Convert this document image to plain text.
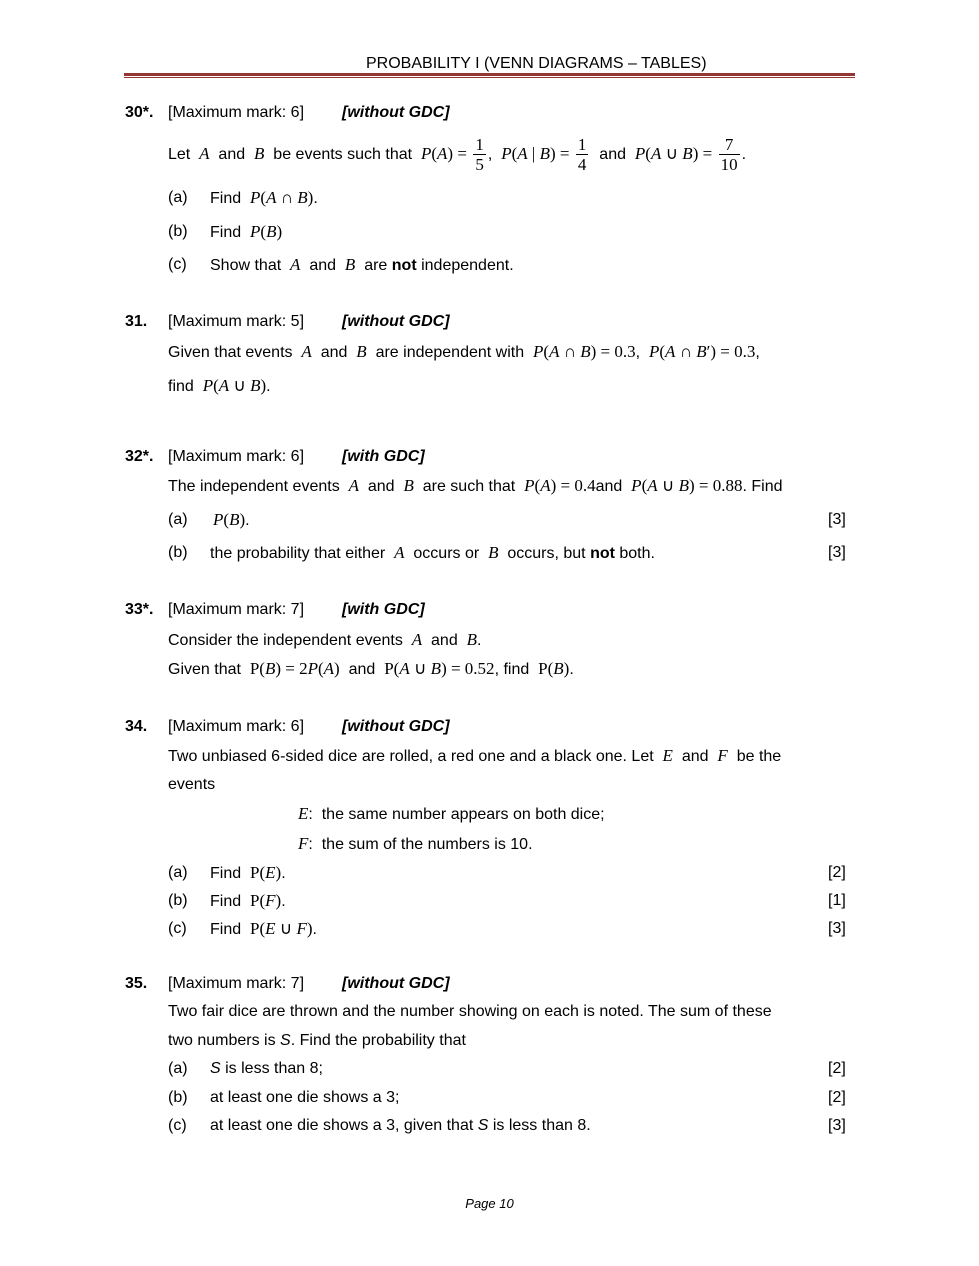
PROBABILITY I (VENN DIAGRAMS – TABLES)
30*. [Maximum mark: 6] [without GDC]
Let  A  and  B  be events such that  $P(A) = \frac{1}{5}$ ,  P(A | $B) = \frac{1}{4}$ and  P(A ∪ $B) = \frac{7}{10}$ .
(a) Find P(A ∩ B).
(b) Find P(B)
(c) Show that  A  and  B  are not independent.
31. [Maximum mark: 5] [without GDC]
Given that events  A  and  B  are independent with  P(A ∩ B) = 0.3,  P(A ∩ B′) = 0.3,
find  P(A ∪ B).
32*. [Maximum mark: 6] [with GDC]
The independent events  A  and  B  are such that  P(A) = 0.4and  P(A ∪ B) = 0.88. Find
(a) P(B).	[3]
(b) the probability that either  A  occurs or  B  occurs, but not both.	[3]
33*. [Maximum mark: 7] [with GDC]
Consider the independent events  A  and  B.
Given that  P(B) = 2P(A)  and  P(A ∪ B) = 0.52, find  P(B).
34. [Maximum mark: 6] [without GDC]
Two unbiased 6-sided dice are rolled, a red one and a black one. Let  E  and  F  be the
events
E:  the same number appears on both dice;
F:  the sum of the numbers is 10.
(a) Find P(E).	[2]
(b) Find P(F).	[1]
(c) Find P(E ∪ F).	[3]
35. [Maximum mark: 7] [without GDC]
Two fair dice are thrown and the number showing on each is noted. The sum of these
two numbers is S. Find the probability that
(a) S is less than 8;	[2]
(b) at least one die shows a 3;	[2]
(c) at least one die shows a 3, given that S is less than 8.	[3]
Page 10
